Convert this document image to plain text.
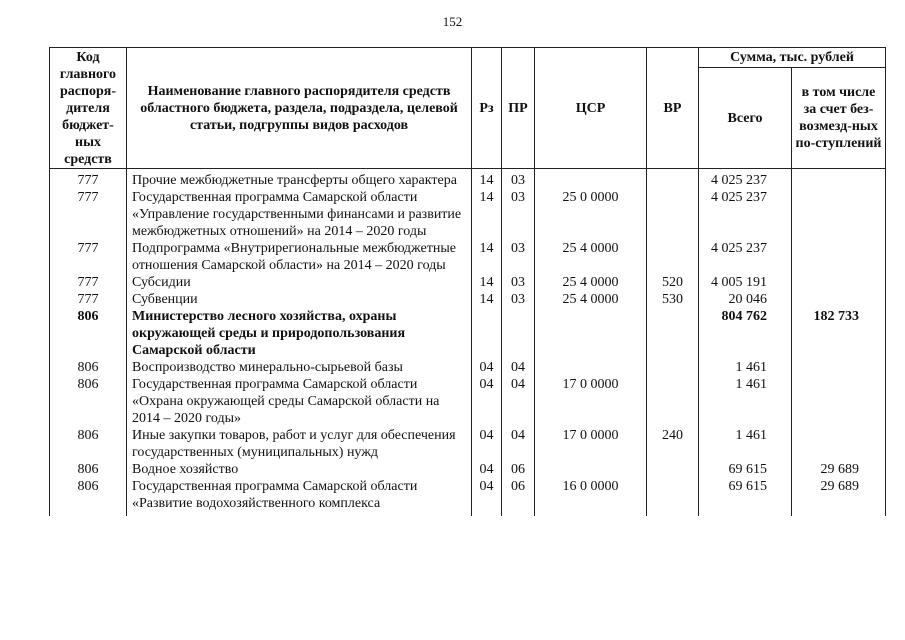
152
Код главного распоря-дителя бюджет-ных средств	Наименование главного распорядителя средств областного бюджета, раздела, подраздела, целевой статьи, подгруппы видов расходов	Рз	ПР	ЦСР	ВР	Сумма, тыс. рублей	
						Всего	в том числе за счет без-возмезд-ных по-ступлений
777	Прочие межбюджетные трансферты общего характера	14	03			4 025 237	
777	Государственная программа Самарской области «Управление государственными финансами и развитие межбюджетных отношений» на 2014 – 2020 годы	14	03	25 0 0000		4 025 237	
777	Подпрограмма «Внутрирегиональные межбюджетные отношения Самарской области» на 2014 – 2020 годы	14	03	25 4 0000		4 025 237	
777	Субсидии	14	03	25 4 0000	520	4 005 191	
777	Субвенции	14	03	25 4 0000	530	20 046	
806	Министерство лесного хозяйства, охраны окружающей среды и природопользования Самарской области					804 762	182 733
806	Воспроизводство минерально-сырьевой базы	04	04			1 461	
806	Государственная программа Самарской области «Охрана окружающей среды Самарской области на 2014 – 2020 годы»	04	04	17 0 0000		1 461	
806	Иные закупки товаров, работ и услуг для обеспечения государственных (муниципальных) нужд	04	04	17 0 0000	240	1 461	
806	Водное хозяйство	04	06			69 615	29 689
806	Государственная программа Самарской области «Развитие водохозяйственного комплекса	04	06	16 0 0000		69 615	29 689
